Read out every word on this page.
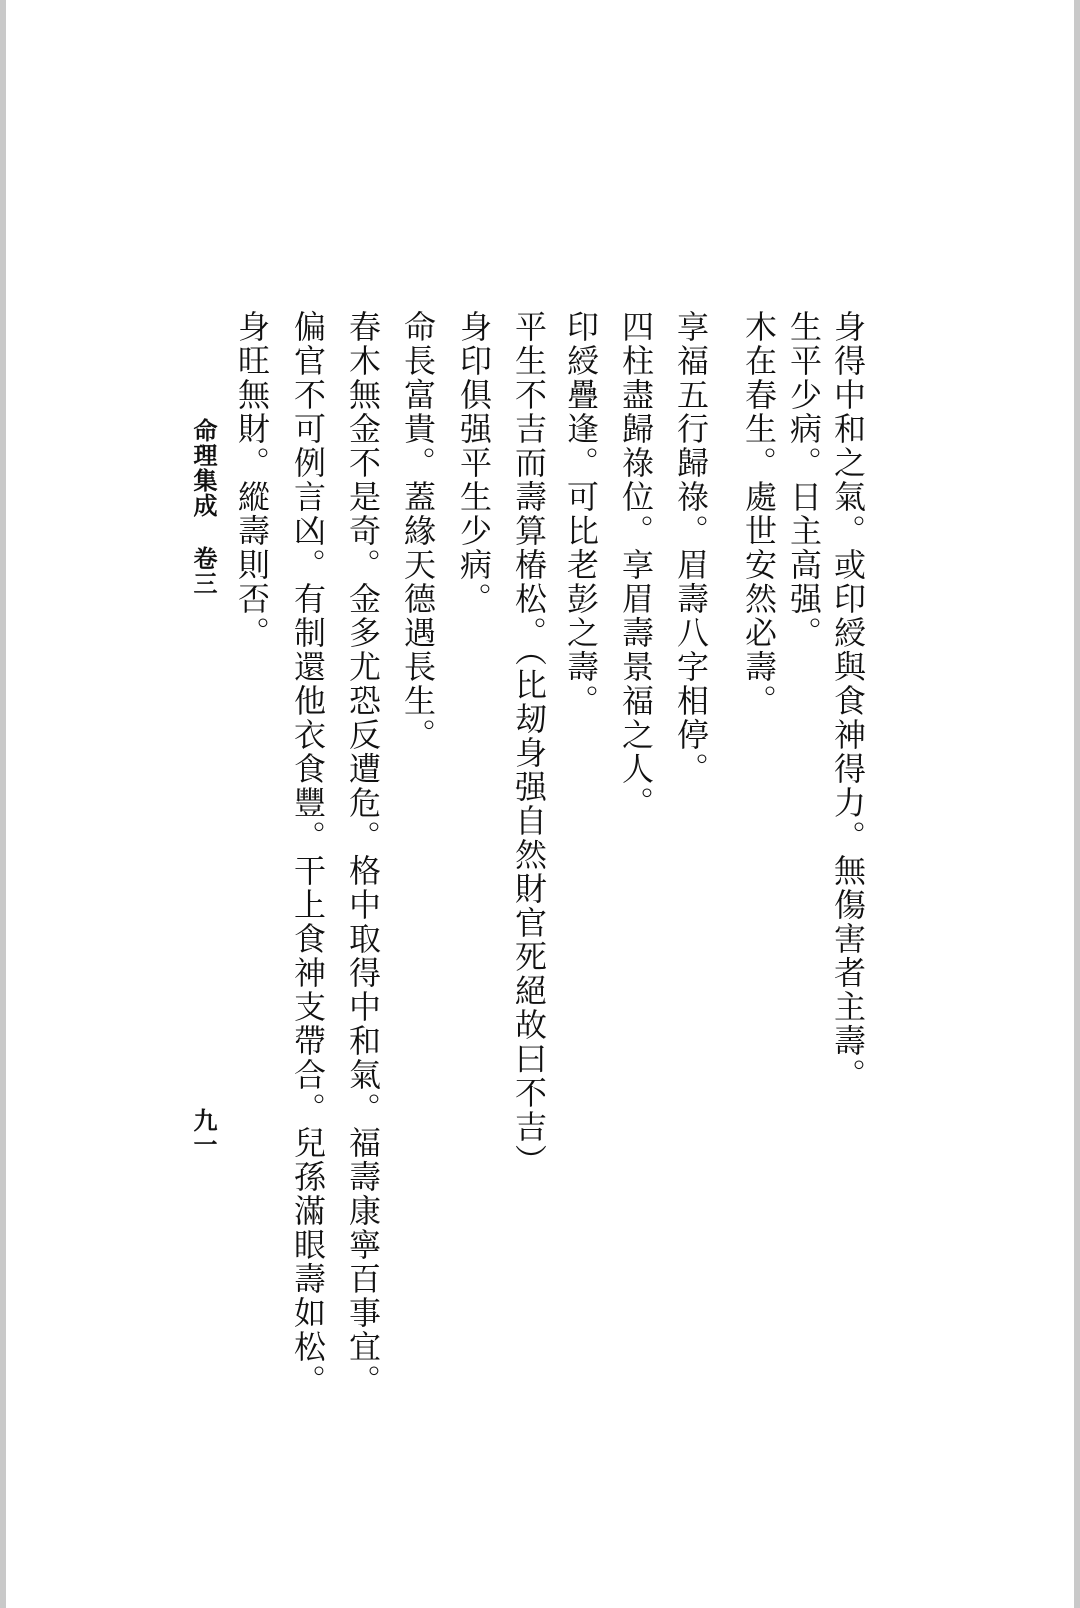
命理集成卷三
九一
身得中和之氣。或印綬與食神得力。無傷害者主壽。
生平少病。日主高强。
木在春生。處世安然必壽。
享福五行歸祿。眉壽八字相停。
四柱盡歸祿位。享眉壽景福之人。
印綬疊逢。可比老彭之壽。
平生不吉而壽算椿松。（比刼身强自然財官死絕故曰不吉）
身印俱强平生少病。
命長富貴。蓋緣天德遇長生。
春木無金不是奇。金多尤恐反遭危。格中取得中和氣。福壽康寧百事宜。
偏官不可例言凶。有制還他衣食豐。干上食神支帶合。兒孫滿眼壽如松。
身旺無財。縱壽則否。
